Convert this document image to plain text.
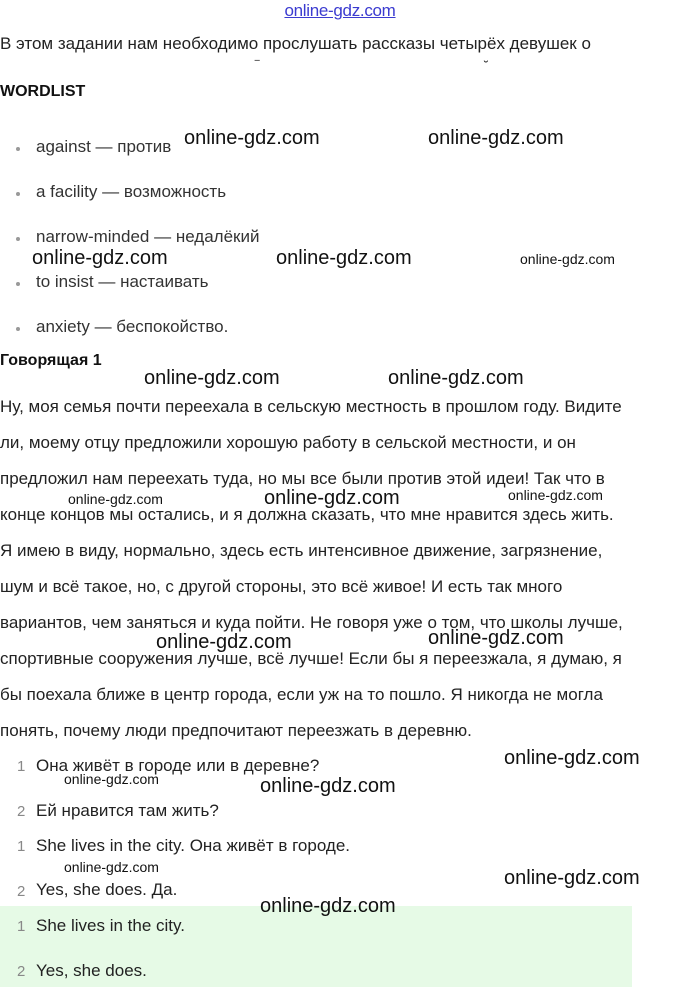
online-gdz.com
В этом задании нам необходимо прослушать рассказы четырёх девушек о
‾	˘
WORDLIST
against — против
a facility — возможность
narrow-minded — недалёкий
to insist — настаивать
anxiety — беспокойство.
Говорящая 1
Ну, моя семья почти переехала в сельскую местность в прошлом году. Видите
ли, моему отцу предложили хорошую работу в сельской местности, и он
предложил нам переехать туда, но мы все были против этой идеи! Так что в
конце концов мы остались, и я должна сказать, что мне нравится здесь жить.
Я имею в виду, нормально, здесь есть интенсивное движение, загрязнение,
шум и всё такое, но, с другой стороны, это всё живое! И есть так много
вариантов, чем заняться и куда пойти. Не говоря уже о том, что школы лучше,
спортивные сооружения лучше, всё лучше! Если бы я переезжала, я думаю, я
бы поехала ближе в центр города, если уж на то пошло. Я никогда не могла
понять, почему люди предпочитают переезжать в деревню.
1 Она живёт в городе или в деревне?
2 Ей нравится там жить?
1 She lives in the city. Она живёт в городе.
2 Yes, she does. Да.
1 She lives in the city.
2 Yes, she does.
online-gdz.com	online-gdz.com
online-gdz.com	online-gdz.com	online-gdz.com
online-gdz.com	online-gdz.com
online-gdz.com	online-gdz.com	online-gdz.com
online-gdz.com	online-gdz.com
online-gdz.com
online-gdz.com	online-gdz.com
online-gdz.com	online-gdz.com
online-gdz.com
